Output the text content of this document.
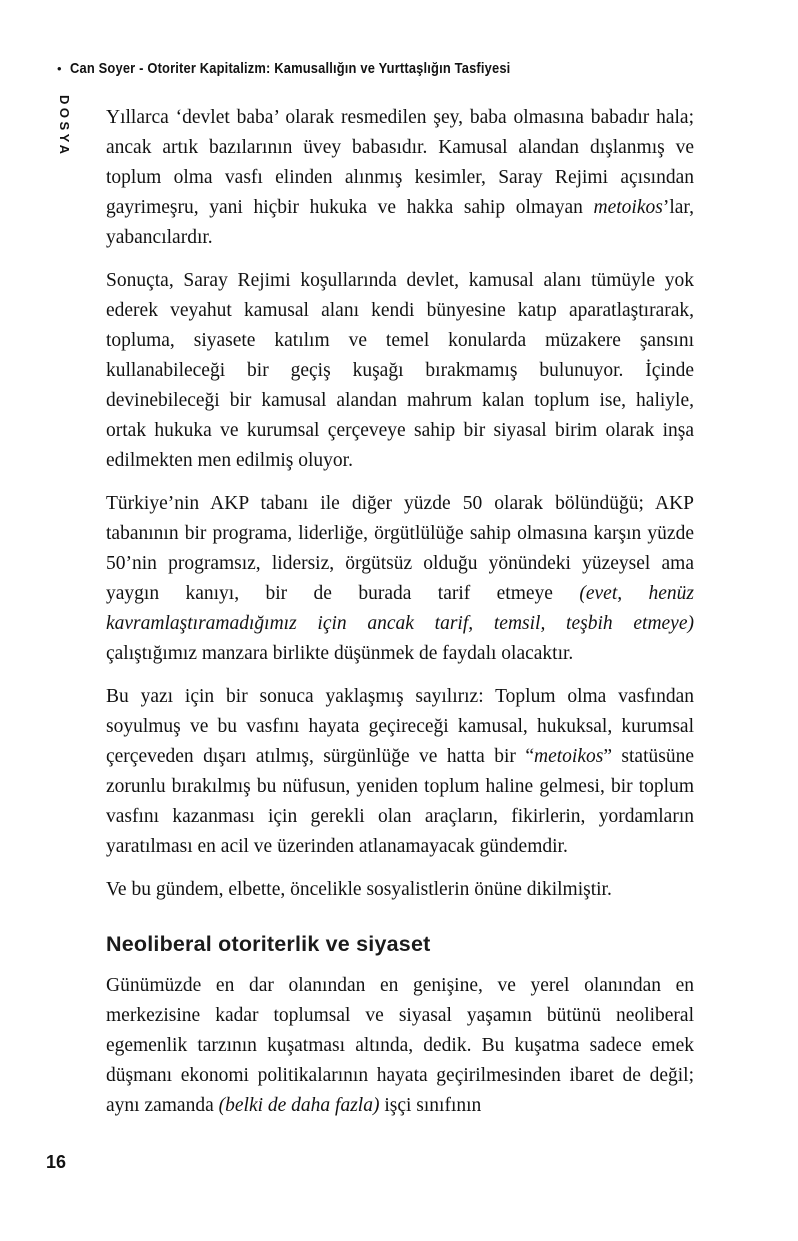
• Can Soyer - Otoriter Kapitalizm: Kamusallığın ve Yurttaşlığın Tasfiyesi
DOSYA Yıllarca ‘devlet baba’ olarak resmedilen şey, baba olmasına babadır hala; ancak artık bazılarının üvey babasıdır. Kamusal alandan dışlanmış ve toplum olma vasfı elinden alınmış kesimler, Saray Rejimi açısından gayrimeşru, yani hiçbir hukuka ve hakka sahip olmayan metoikos’lar, yabancılardır.

Sonuçta, Saray Rejimi koşullarında devlet, kamusal alanı tümüyle yok ederek veyahut kamusal alanı kendi bünyesine katıp aparatlaştırarak, topluma, siyasete katılım ve temel konularda müzakere şansını kullanabileceği bir geçiş kuşağı bırakmamış bulunuyor. İçinde devinebileceği bir kamusal alandan mahrum kalan toplum ise, haliyle, ortak hukuka ve kurumsal çerçeveye sahip bir siyasal birim olarak inşa edilmekten men edilmiş oluyor.

Türkiye’nin AKP tabanı ile diğer yüzde 50 olarak bölündüğü; AKP tabanının bir programa, liderliğe, örgütlülüğe sahip olmasına karşın yüzde 50’nin programsız, lidersiz, örgütsüz olduğu yönündeki yüzeysel ama yaygın kanıyı, bir de burada tarif etmeye (evet, henüz kavramlaştıramadığımız için ancak tarif, temsil, teşbih etmeye) çalıştığımız manzara birlikte düşünmek de faydalı olacaktır.

Bu yazı için bir sonuca yaklaşmış sayılırız: Toplum olma vasfından soyulmuş ve bu vasfını hayata geçireceği kamusal, hukuksal, kurumsal çerçeveden dışarı atılmış, sürgünlüğe ve hatta bir “metoikos” statüsüne zorunlu bırakılmış bu nüfusun, yeniden toplum haline gelmesi, bir toplum vasfını kazanması için gerekli olan araçların, fikirlerin, yordamların yaratılması en acil ve üzerinden atlanamayacak gündemdir.

Ve bu gündem, elbette, öncelikle sosyalistlerin önüne dikilmiştir.

Neoliberal otoriterlik ve siyaset

Günümüzde en dar olanından en genişine, ve yerel olanından en merkezisine kadar toplumsal ve siyasal yaşamın bütünü neoliberal egemenlik tarzının kuşatması altında, dedik. Bu kuşatma sadece emek düşmanı ekonomi politikalarının hayata geçirilmesinden ibaret de değil; aynı zamanda (belki de daha fazla) işçi sınıfının

16
